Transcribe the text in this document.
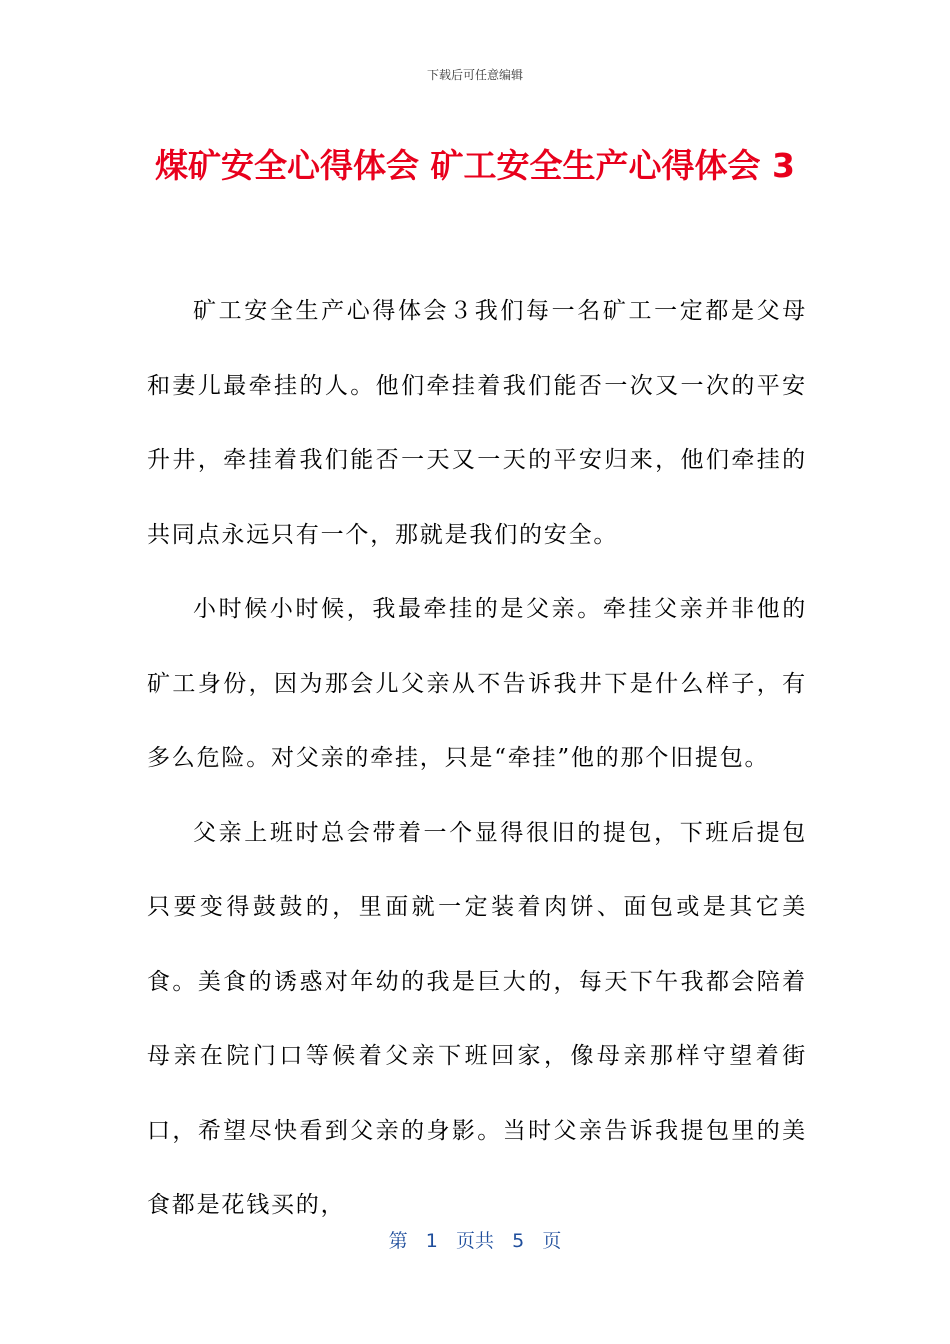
下载后可任意编辑
煤矿安全心得体会 矿工安全生产心得体会 3

矿工安全生产心得体会３我们每一名矿工一定都是父母和妻儿最牵挂的人。他们牵挂着我们能否一次又一次的平安升井，牵挂着我们能否一天又一天的平安归来，他们牵挂的共同点永远只有一个，那就是我们的安全。

小时候小时候，我最牵挂的是父亲。牵挂父亲并非他的矿工身份，因为那会儿父亲从不告诉我井下是什么样子，有多么危险。对父亲的牵挂，只是“牵挂”他的那个旧提包。

父亲上班时总会带着一个显得很旧的提包，下班后提包只要变得鼓鼓的，里面就一定装着肉饼、面包或是其它美食。美食的诱惑对年幼的我是巨大的，每天下午我都会陪着母亲在院门口等候着父亲下班回家，像母亲那样守望着街口，希望尽快看到父亲的身影。当时父亲告诉我提包里的美食都是花钱买的，

第 1 页共 5 页
